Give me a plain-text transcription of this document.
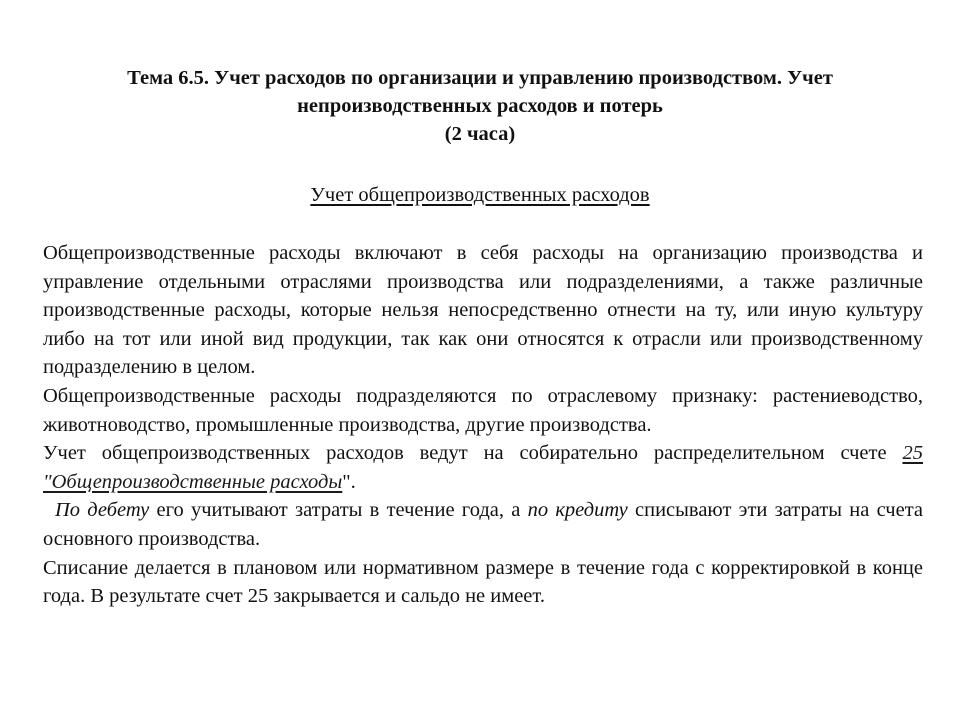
Тема 6.5. Учет расходов по организации и управлению производством. Учет
непроизводственных расходов и потерь
(2 часа)
Учет общепроизводственных расходов

Общепроизводственные расходы включают в себя расходы на организацию производства и управление отдельными отраслями производства или подразделениями, а также различные производственные расходы, которые нельзя непосредственно отнести на ту, или иную культуру либо на тот или иной вид продукции, так как они относятся к отрасли или производственному подразделению в целом.

Общепроизводственные расходы подразделяются по отраслевому признаку: растениеводство, животноводство, промышленные производства, другие производства.

Учет общепроизводственных расходов ведут на собирательно распределительном счете 25 "Общепроизводственные расходы".

По дебету его учитывают затраты в течение года, а по кредиту списывают эти затраты на счета основного производства.

Списание делается в плановом или нормативном размере в течение года с корректировкой в конце года. В результате счет 25 закрывается и сальдо не имеет.
